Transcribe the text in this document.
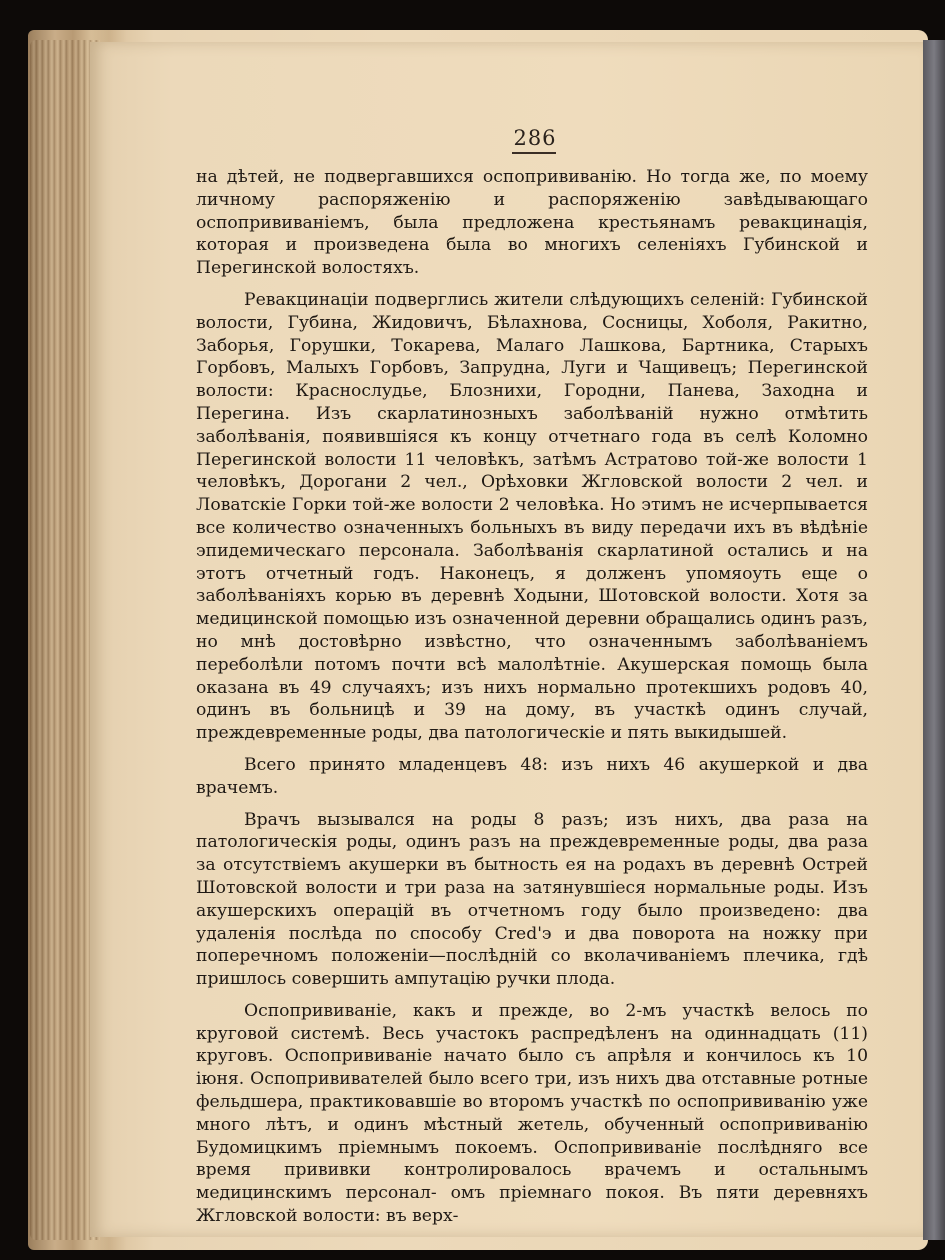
286
на дѣтей, не подвергавшихся оспопрививанію. Но тогда же, по моему личному распоряженію и распоряженію завѣдывающаго оспопрививаніемъ, была предложена крестьянамъ ревакцинація, которая и произведена была во многихъ селеніяхъ Губинской и Перегинской волостяхъ.
Ревакцинаціи подверглись жители слѣдующихъ селеній: Губинской волости, Губина, Жидовичъ, Бѣлахнова, Сосницы, Хоболя, Ракитно, Заборья, Горушки, Токарева, Малаго Лашкова, Бартника, Старыхъ Горбовъ, Малыхъ Горбовъ, Запрудна, Луги и Чащивецъ; Перегинской волости: Краснослудье, Блознихи, Городни, Панева, Заходна и Перегина. Изъ скарлатинозныхъ заболѣваній нужно отмѣтить заболѣванія, появившіяся къ концу отчетнаго года въ селѣ Коломно Перегинской волости 11 человѣкъ, затѣмъ Астратово той-же волости 1 человѣкъ, Дорогани 2 чел., Орѣховки Жгловской волости 2 чел. и Ловатскіе Горки той-же волости 2 человѣка. Но этимъ не исчерпывается все количество означенныхъ больныхъ въ виду передачи ихъ въ вѣдѣніе эпидемическаго персонала. Заболѣванія скарлатиной остались и на этотъ отчетный годъ. Наконецъ, я долженъ упомяоуть еще о заболѣваніяхъ корью въ деревнѣ Ходыни, Шотовской волости. Хотя за медицинской помощью изъ означенной деревни обращались одинъ разъ, но мнѣ достовѣрно извѣстно, что означеннымъ заболѣваніемъ переболѣли потомъ почти всѣ малолѣтніе. Акушерская помощь была оказана въ 49 случаяхъ; изъ нихъ нормально протекшихъ родовъ 40, одинъ въ больницѣ и 39 на дому, въ участкѣ одинъ случай, преждевременные роды, два патологическіе и пять выкидышей.
Всего принято младенцевъ 48: изъ нихъ 46 акушеркой и два врачемъ.
Врачъ вызывался на роды 8 разъ; изъ нихъ, два раза на патологическія роды, одинъ разъ на преждевременные роды, два раза за отсутствіемъ акушерки въ бытность ея на родахъ въ деревнѣ Острей Шотовской волости и три раза на затянувшіеся нормальные роды. Изъ акушерскихъ операцій въ отчетномъ году было произведено: два удаленія послѣда по способу Cred'э и два поворота на ножку при поперечномъ положеніи—послѣдній со вколачиваніемъ плечика, гдѣ пришлось совершить ампутацію ручки плода.
Оспопрививаніе, какъ и прежде, во 2-мъ участкѣ велось по круговой системѣ. Весь участокъ распредѣленъ на одиннадцать (11) круговъ. Оспопрививаніе начато было съ апрѣля и кончилось къ 10 іюня. Оспопрививателей было всего три, изъ нихъ два отставные ротные фельдшера, практиковавшіе во второмъ участкѣ по оспопрививанію уже много лѣтъ, и одинъ мѣстный жетель, обученный оспопрививанію Будомицкимъ пріемнымъ покоемъ. Оспопрививаніе послѣдняго все время прививки контролировалось врачемъ и остальнымъ медицинскимъ персонал- омъ пріемнаго покоя. Въ пяти деревняхъ Жгловской волости: въ верх-
